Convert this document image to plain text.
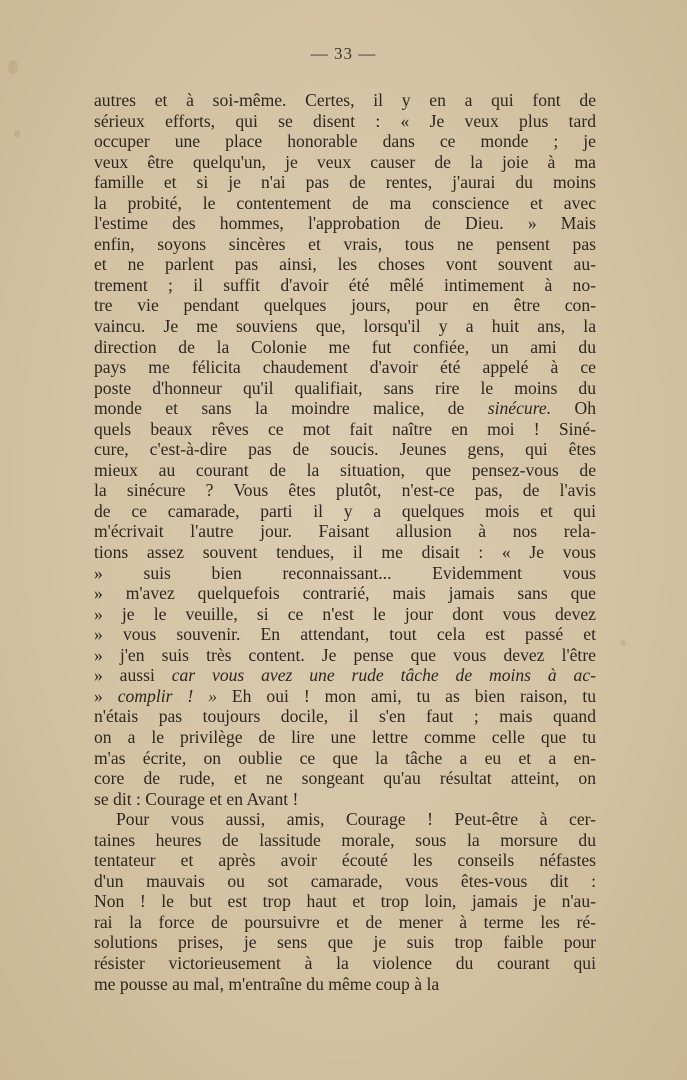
— 33 —
autres et à soi-même. Certes, il y en a qui font de
sérieux efforts, qui se disent : « Je veux plus tard
occuper une place honorable dans ce monde ; je
veux être quelqu'un, je veux causer de la joie à ma
famille et si je n'ai pas de rentes, j'aurai du moins
la probité, le contentement de ma conscience et avec
l'estime des hommes, l'approbation de Dieu. » Mais
enfin, soyons sincères et vrais, tous ne pensent pas
et ne parlent pas ainsi, les choses vont souvent au-
trement ; il suffit d'avoir été mêlé intimement à no-
tre vie pendant quelques jours, pour en être con-
vaincu. Je me souviens que, lorsqu'il y a huit ans, la
direction de la Colonie me fut confiée, un ami du
pays me félicita chaudement d'avoir été appelé à ce
poste d'honneur qu'il qualifiait, sans rire le moins du
monde et sans la moindre malice, de sinécure. Oh
quels beaux rêves ce mot fait naître en moi ! Siné-
cure, c'est-à-dire pas de soucis. Jeunes gens, qui êtes
mieux au courant de la situation, que pensez-vous de
la sinécure ? Vous êtes plutôt, n'est-ce pas, de l'avis
de ce camarade, parti il y a quelques mois et qui
m'écrivait l'autre jour. Faisant allusion à nos rela-
tions assez souvent tendues, il me disait : « Je vous
» suis bien reconnaissant... Evidemment vous
» m'avez quelquefois contrarié, mais jamais sans que
» je le veuille, si ce n'est le jour dont vous devez
» vous souvenir. En attendant, tout cela est passé et
» j'en suis très content. Je pense que vous devez l'être
» aussi car vous avez une rude tâche de moins à ac-
» complir ! » Eh oui ! mon ami, tu as bien raison, tu
n'étais pas toujours docile, il s'en faut ; mais quand
on a le privilège de lire une lettre comme celle que tu
m'as écrite, on oublie ce que la tâche a eu et a en-
core de rude, et ne songeant qu'au résultat atteint, on
se dit : Courage et en Avant !
Pour vous aussi, amis, Courage ! Peut-être à cer-
taines heures de lassitude morale, sous la morsure du
tentateur et après avoir écouté les conseils néfastes
d'un mauvais ou sot camarade, vous êtes-vous dit :
Non ! le but est trop haut et trop loin, jamais je n'au-
rai la force de poursuivre et de mener à terme les ré-
solutions prises, je sens que je suis trop faible pour
résister victorieusement à la violence du courant qui
me pousse au mal, m'entraîne du même coup à la
